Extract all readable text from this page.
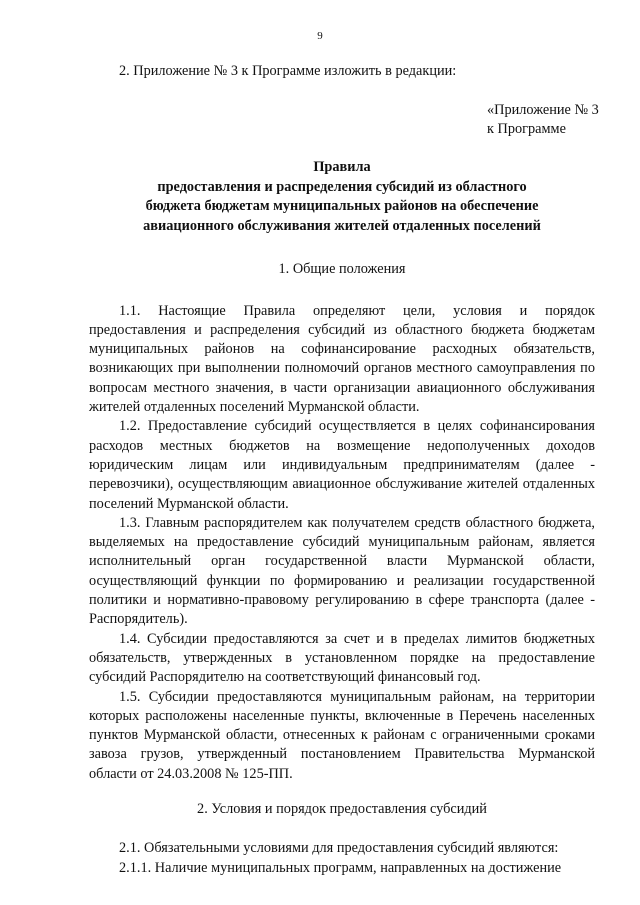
9

2. Приложение № 3 к Программе изложить в редакции:

«Приложение № 3
к Программе
Правила
предоставления и распределения субсидий из областного
бюджета бюджетам муниципальных районов на обеспечение
авиационного обслуживания жителей отдаленных поселений
1. Общие положения

1.1. Настоящие Правила определяют цели, условия и порядок предоставления и распределения субсидий из областного бюджета бюджетам муниципальных районов на софинансирование расходных обязательств, возникающих при выполнении полномочий органов местного самоуправления по вопросам местного значения, в части организации авиационного обслуживания жителей отдаленных поселений Мурманской области.

1.2. Предоставление субсидий осуществляется в целях софинансирования расходов местных бюджетов на возмещение недополученных доходов юридическим лицам или индивидуальным предпринимателям (далее - перевозчики), осуществляющим авиационное обслуживание жителей отдаленных поселений Мурманской области.

1.3. Главным распорядителем как получателем средств областного бюджета, выделяемых на предоставление субсидий муниципальным районам, является исполнительный орган государственной власти Мурманской области, осуществляющий функции по формированию и реализации государственной политики и нормативно-правовому регулированию в сфере транспорта (далее - Распорядитель).

1.4. Субсидии предоставляются за счет и в пределах лимитов бюджетных обязательств, утвержденных в установленном порядке на предоставление субсидий Распорядителю на соответствующий финансовый год.

1.5. Субсидии предоставляются муниципальным районам, на территории которых расположены населенные пункты, включенные в Перечень населенных пунктов Мурманской области, отнесенных к районам с ограниченными сроками завоза грузов, утвержденный постановлением Правительства Мурманской области от 24.03.2008 № 125-ПП.

2. Условия и порядок предоставления субсидий

2.1. Обязательными условиями для предоставления субсидий являются:

2.1.1. Наличие муниципальных программ, направленных на достижение
